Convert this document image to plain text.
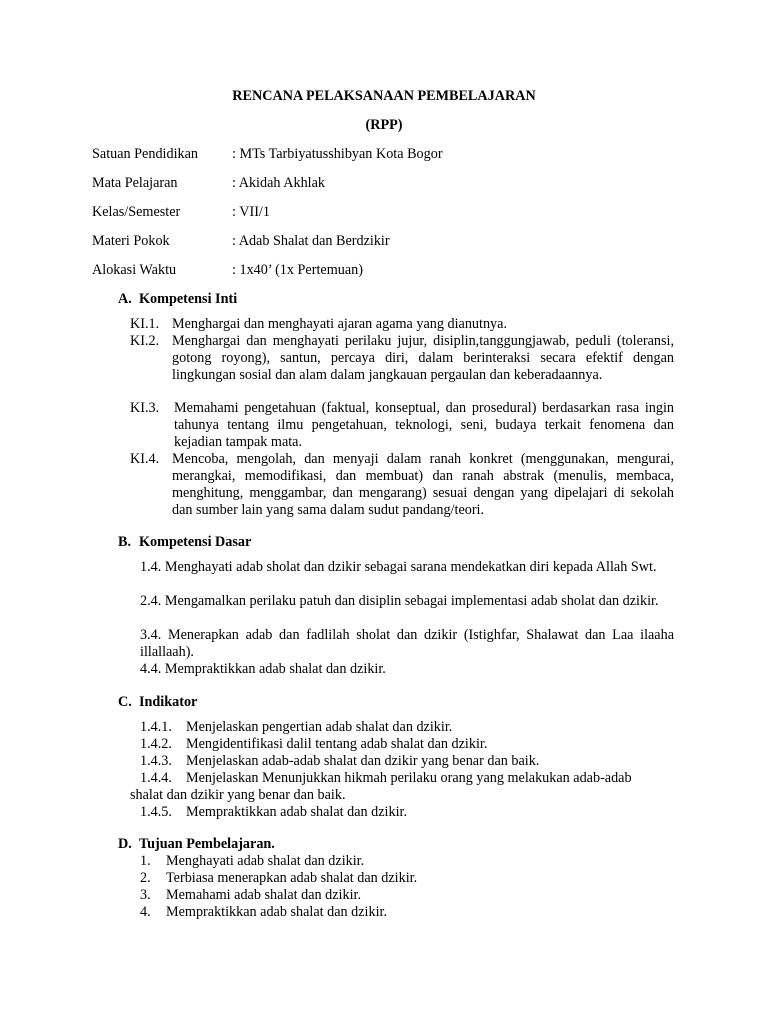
RENCANA PELAKSANAAN PEMBELAJARAN
(RPP)
Satuan Pendidikan : MTs Tarbiyatusshibyan Kota Bogor
Mata Pelajaran	: Akidah Akhlak
Kelas/Semester	: VII/1
Materi Pokok	: Adab Shalat dan Berdzikir
Alokasi Waktu	: 1x40’ (1x Pertemuan)
A. Kompetensi Inti
KI.1. Menghargai dan menghayati ajaran agama yang dianutnya.
KI.2. Menghargai dan menghayati perilaku jujur, disiplin,tanggungjawab, peduli (toleransi, gotong royong), santun, percaya diri, dalam berinteraksi secara efektif dengan lingkungan sosial dan alam dalam jangkauan pergaulan dan keberadaannya.
KI.3. Memahami pengetahuan (faktual, konseptual, dan prosedural) berdasarkan rasa ingin tahunya tentang ilmu pengetahuan, teknologi, seni, budaya terkait fenomena dan kejadian tampak mata.
KI.4. Mencoba, mengolah, dan menyaji dalam ranah konkret (menggunakan, mengurai, merangkai, memodifikasi, dan membuat) dan ranah abstrak (menulis, membaca, menghitung, menggambar, dan mengarang) sesuai dengan yang dipelajari di sekolah dan sumber lain yang sama dalam sudut pandang/teori.
B. Kompetensi Dasar
1.4. Menghayati adab sholat dan dzikir sebagai sarana mendekatkan diri kepada Allah Swt.
2.4. Mengamalkan perilaku patuh dan disiplin sebagai implementasi adab sholat dan dzikir.
3.4. Menerapkan adab dan fadlilah sholat dan dzikir (Istighfar, Shalawat dan Laa ilaaha illallaah).
4.4. Mempraktikkan adab shalat dan dzikir.
C. Indikator
1.4.1. Menjelaskan pengertian adab shalat dan dzikir.
1.4.2. Mengidentifikasi dalil tentang adab shalat dan dzikir.
1.4.3. Menjelaskan adab-adab shalat dan dzikir yang benar dan baik.
1.4.4. Menjelaskan Menunjukkan hikmah perilaku orang yang melakukan adab-adab
shalat dan dzikir yang benar dan baik.
1.4.5. Mempraktikkan adab shalat dan dzikir.
D. Tujuan Pembelajaran.
1. Menghayati adab shalat dan dzikir.
2. Terbiasa menerapkan adab shalat dan dzikir.
3. Memahami adab shalat dan dzikir.
4. Mempraktikkan adab shalat dan dzikir.
